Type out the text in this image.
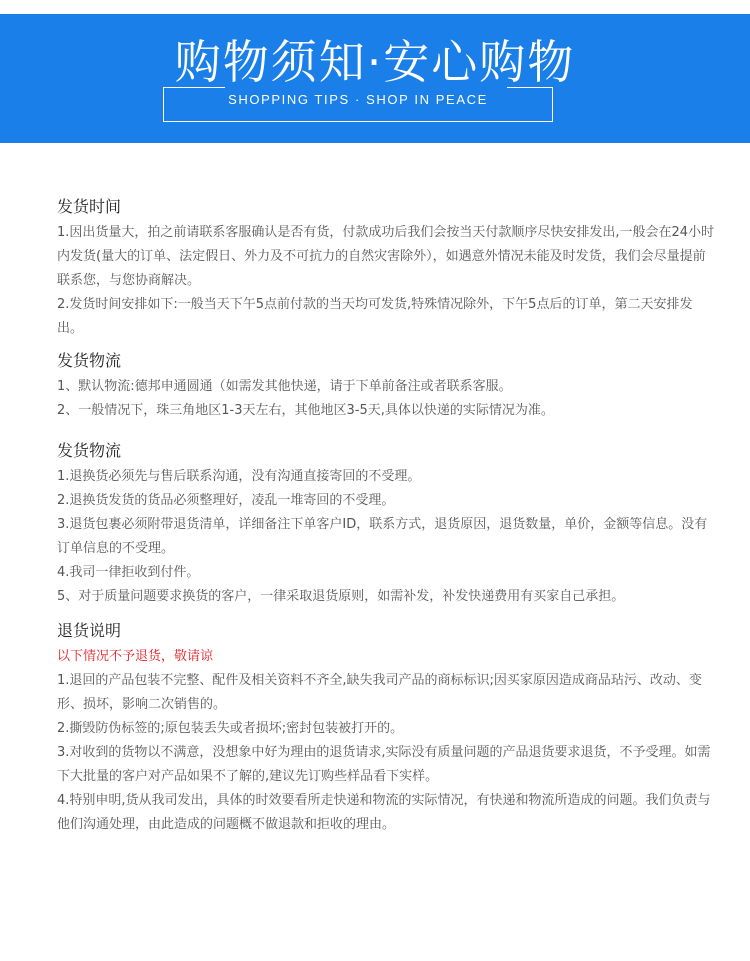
购物须知·安心购物
SHOPPING TIPS · SHOP IN PEACE
发货时间

1.因出货量大，拍之前请联系客服确认是否有货，付款成功后我们会按当天付款顺序尽快安排发出,一般会在24小时内发货(量大的订单、法定假日、外力及不可抗力的自然灾害除外），如遇意外情况未能及时发货，我们会尽量提前联系您，与您协商解决。

2.发货时间安排如下:一般当天下午5点前付款的当天均可发货,特殊情况除外，下午5点后的订单，第二天安排发出。

发货物流

1、默认物流:德邦申通圆通（如需发其他快递，请于下单前备注或者联系客服。

2、一般情况下，珠三角地区1-3天左右，其他地区3-5天,具体以快递的实际情况为准。

发货物流

1.退换货必须先与售后联系沟通，没有沟通直接寄回的不受理。

2.退换货发货的货品必须整理好，凌乱一堆寄回的不受理。

3.退货包裹必须附带退货清单，详细备注下单客户ID，联系方式，退货原因，退货数量，单价，金额等信息。没有订单信息的不受理。

4.我司一律拒收到付件。

5、对于质量问题要求换货的客户，一律采取退货原则，如需补发，补发快递费用有买家自己承担。

退货说明

以下情况不予退货，敬请谅

1.退回的产品包装不完整、配件及相关资料不齐全,缺失我司产品的商标标识;因买家原因造成商品玷污、改动、变形、损坏，影响二次销售的。

2.撕毁防伪标签的;原包装丢失或者损坏;密封包装被打开的。

3.对收到的货物以不满意，没想象中好为理由的退货请求,实际没有质量问题的产品退货要求退货，不予受理。如需下大批量的客户对产品如果不了解的,建议先订购些样品看下实样。

4.特别申明,货从我司发出，具体的时效要看所走快递和物流的实际情况，有快递和物流所造成的问题。我们负责与他们沟通处理，由此造成的问题概不做退款和拒收的理由。
